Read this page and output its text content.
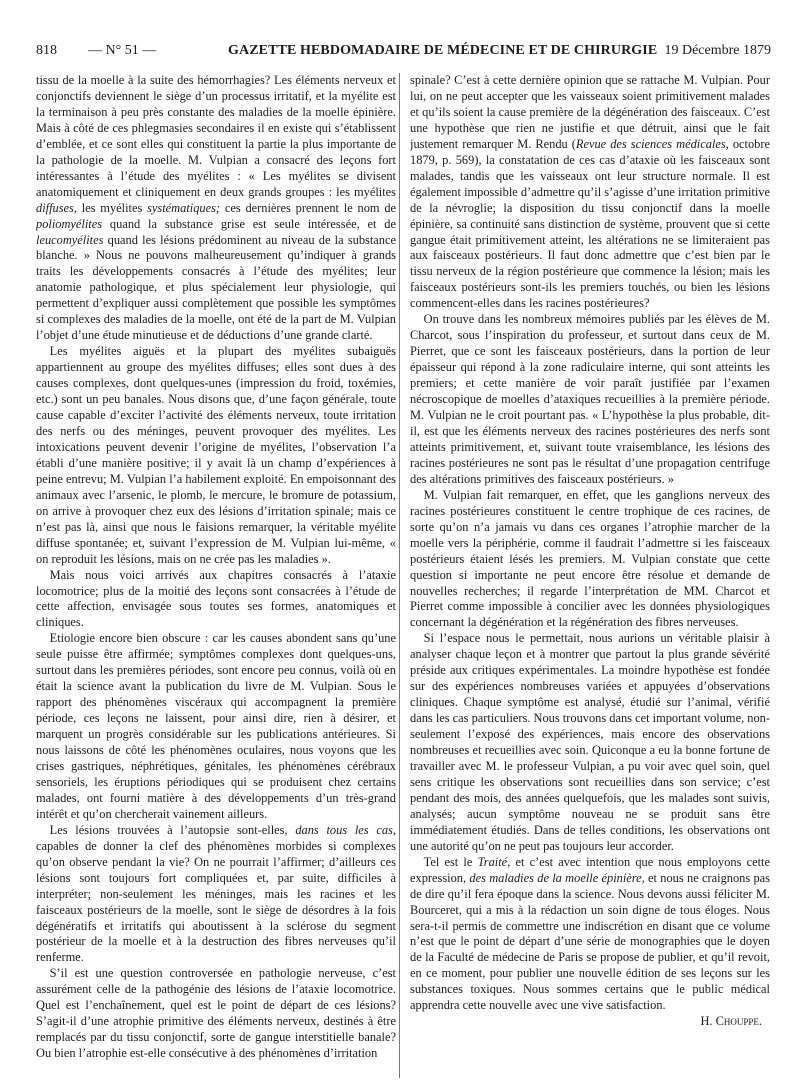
818 — N° 51 —	GAZETTE HEBDOMADAIRE DE MÉDECINE ET DE CHIRURGIE 19 Décembre 1879

tissu de la moelle à la suite des hémorrhagies? Les éléments nerveux et conjonctifs deviennent le siège d’un processus irritatif, et la myélite est la terminaison à peu près constante des maladies de la moelle épinière. Mais à côté de ces phlegmasies secondaires il en existe qui s’établissent d’emblée, et ce sont elles qui constituent la partie la plus importante de la pathologie de la moelle. M. Vulpian a consacré des leçons fort intéressantes à l’étude des myélites : « Les myélites se divisent anatomiquement et cliniquement en deux grands groupes : les myélites diffuses, les myélites systématiques; ces dernières prennent le nom de poliomyélites quand la substance grise est seule intéressée, et de leucomyélites quand les lésions prédominent au niveau de la substance blanche. » Nous ne pouvons malheureusement qu’indiquer à grands traits les développements consacrés à l’étude des myélites; leur anatomie pathologique, et plus spécialement leur physiologie, qui permettent d’expliquer aussi complètement que possible les symptômes si complexes des maladies de la moelle, ont été de la part de M. Vulpian l’objet d’une étude minutieuse et de déductions d’une grande clarté.

Les myélites aiguës et la plupart des myélites subaiguës appartiennent au groupe des myélites diffuses; elles sont dues à des causes complexes, dont quelques-unes (impression du froid, toxémies, etc.) sont un peu banales. Nous disons que, d’une façon générale, toute cause capable d’exciter l’activité des éléments nerveux, toute irritation des nerfs ou des méninges, peuvent provoquer des myélites. Les intoxications peuvent devenir l’origine de myélites, l’observation l’a établi d’une manière positive; il y avait là un champ d’expériences à peine entrevu; M. Vulpian l’a habilement exploité. En empoisonnant des animaux avec l’arsenic, le plomb, le mercure, le bromure de potassium, on arrive à provoquer chez eux des lésions d’irritation spinale; mais ce n’est pas là, ainsi que nous le faisions remarquer, la véritable myélite diffuse spontanée; et, suivant l’expression de M. Vulpian lui-même, « on reproduit les lésions, mais on ne crée pas les maladies ».

Mais nous voici arrivés aux chapitres consacrés à l’ataxie locomotrice; plus de la moitié des leçons sont consacrées à l’étude de cette affection, envisagée sous toutes ses formes, anatomiques et cliniques.

Etiologie encore bien obscure : car les causes abondent sans qu’une seule puisse être affirmée; symptômes complexes dont quelques-uns, surtout dans les premières périodes, sont encore peu connus, voilà où en était la science avant la publication du livre de M. Vulpian. Sous le rapport des phénomènes viscéraux qui accompagnent la première période, ces leçons ne laissent, pour ainsi dire, rien à désirer, et marquent un progrès considérable sur les publications antérieures. Si nous laissons de côté les phénomènes oculaires, nous voyons que les crises gastriques, néphrétiques, génitales, les phénomènes cérébraux sensoriels, les éruptions périodiques qui se produisent chez certains malades, ont fourni matière à des développements d’un très-grand intérêt et qu’on chercherait vainement ailleurs.

Les lésions trouvées à l’autopsie sont-elles, dans tous les cas, capables de donner la clef des phénomènes morbides si complexes qu’on observe pendant la vie? On ne pourrait l’affirmer; d’ailleurs ces lésions sont toujours fort compliquées et, par suite, difficiles à interpréter; non-seulement les méninges, mais les racines et les faisceaux postérieurs de la moelle, sont le siège de désordres à la fois dégénératifs et irritatifs qui aboutissent à la sclérose du segment postérieur de la moelle et à la destruction des fibres nerveuses qu’il renferme.

S’il est une question controversée en pathologie nerveuse, c’est assurément celle de la pathogénie des lésions de l’ataxie locomotrice. Quel est l’enchaînement, quel est le point de départ de ces lésions? S’agit-il d’une atrophie primitive des éléments nerveux, destinés à être remplacés par du tissu conjonctif, sorte de gangue interstitielle banale? Ou bien l’atrophie est-elle consécutive à des phénomènes d’irritation

spinale? C’est à cette dernière opinion que se rattache M. Vulpian. Pour lui, on ne peut accepter que les vaisseaux soient primitivement malades et qu’ils soient la cause première de la dégénération des faisceaux. C’est une hypothèse que rien ne justifie et que détruit, ainsi que le fait justement remarquer M. Rendu (Revue des sciences médicales, octobre 1879, p. 569), la constatation de ces cas d’ataxie où les faisceaux sont malades, tandis que les vaisseaux ont leur structure normale. Il est également impossible d’admettre qu’il s’agisse d’une irritation primitive de la névroglie; la disposition du tissu conjonctif dans la moelle épinière, sa continuité sans distinction de système, prouvent que si cette gangue était primitivement atteint, les altérations ne se limiteraient pas aux faisceaux postérieurs. Il faut donc admettre que c’est bien par le tissu nerveux de la région postérieure que commence la lésion; mais les faisceaux postérieurs sont-ils les premiers touchés, ou bien les lésions commencent-elles dans les racines postérieures?

On trouve dans les nombreux mémoires publiés par les élèves de M. Charcot, sous l’inspiration du professeur, et surtout dans ceux de M. Pierret, que ce sont les faisceaux postérieurs, dans la portion de leur épaisseur qui répond à la zone radiculaire interne, qui sont atteints les premiers; et cette manière de voir paraît justifiée par l’examen nécroscopique de moelles d’ataxiques recueillies à la première période. M. Vulpian ne le croit pourtant pas. « L’hypothèse la plus probable, dit-il, est que les éléments nerveux des racines postérieures des nerfs sont atteints primitivement, et, suivant toute vraisemblance, les lésions des racines postérieures ne sont pas le résultat d’une propagation centrifuge des altérations primitives des faisceaux postérieurs. »

M. Vulpian fait remarquer, en effet, que les ganglions nerveux des racines postérieures constituent le centre trophique de ces racines, de sorte qu’on n’a jamais vu dans ces organes l’atrophie marcher de la moelle vers la périphérie, comme il faudrait l’admettre si les faisceaux postérieurs étaient lésés les premiers. M. Vulpian constate que cette question si importante ne peut encore être résolue et demande de nouvelles recherches; il regarde l’interprétation de MM. Charcot et Pierret comme impossible à concilier avec les données physiologiques concernant la dégénération et la régénération des fibres nerveuses.

Si l’espace nous le permettait, nous aurions un véritable plaisir à analyser chaque leçon et à montrer que partout la plus grande sévérité préside aux critiques expérimentales. La moindre hypothèse est fondée sur des expériences nombreuses variées et appuyées d’observations cliniques. Chaque symptôme est analysé, étudié sur l’animal, vérifié dans les cas particuliers. Nous trouvons dans cet important volume, non-seulement l’exposé des expériences, mais encore des observations nombreuses et recueillies avec soin. Quiconque a eu la bonne fortune de travailler avec M. le professeur Vulpian, a pu voir avec quel soin, quel sens critique les observations sont recueillies dans son service; c’est pendant des mois, des années quelquefois, que les malades sont suivis, analysés; aucun symptôme nouveau ne se produit sans être immédiatement étudiés. Dans de telles conditions, les observations ont une autorité qu’on ne peut pas toujours leur accorder.

Tel est le Traité, et c’est avec intention que nous employons cette expression, des maladies de la moelle épinière, et nous ne craignons pas de dire qu’il fera époque dans la science. Nous devons aussi féliciter M. Bourceret, qui a mis à la rédaction un soin digne de tous éloges. Nous sera-t-il permis de commettre une indiscrétion en disant que ce volume n’est que le point de départ d’une série de monographies que le doyen de la Faculté de médecine de Paris se propose de publier, et qu’il revoit, en ce moment, pour publier une nouvelle édition de ses leçons sur les substances toxiques. Nous sommes certains que le public médical apprendra cette nouvelle avec une vive satisfaction.

H. Chouppe.
